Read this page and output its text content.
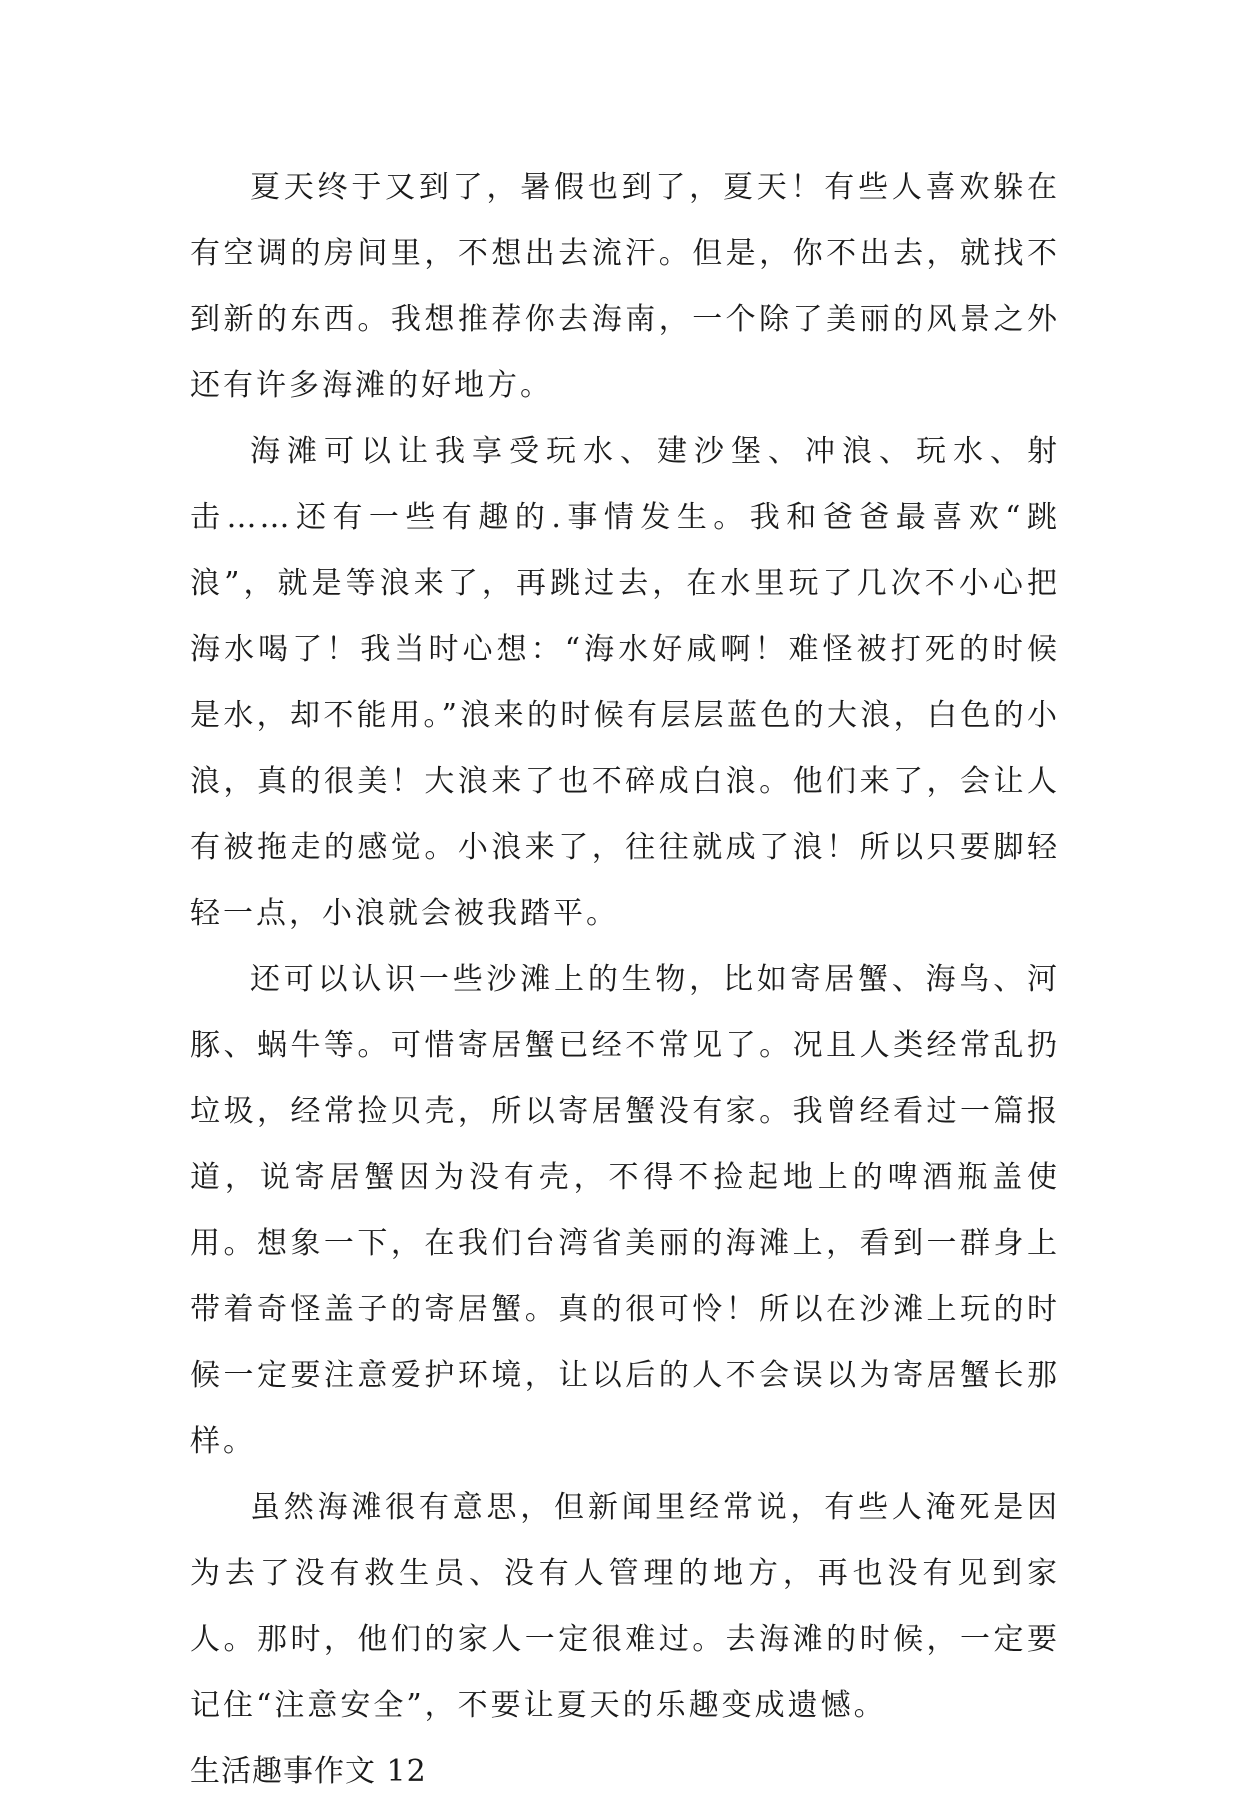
夏天终于又到了，暑假也到了，夏天！有些人喜欢躲在有空调的房间里，不想出去流汗。但是，你不出去，就找不到新的东西。我想推荐你去海南，一个除了美丽的风景之外还有许多海滩的好地方。

海滩可以让我享受玩水、建沙堡、冲浪、玩水、射击……还有一些有趣的.事情发生。我和爸爸最喜欢“跳浪”，就是等浪来了，再跳过去，在水里玩了几次不小心把海水喝了！我当时心想：“海水好咸啊！难怪被打死的时候是水，却不能用。”浪来的时候有层层蓝色的大浪，白色的小浪，真的很美！大浪来了也不碎成白浪。他们来了，会让人有被拖走的感觉。小浪来了，往往就成了浪！所以只要脚轻轻一点，小浪就会被我踏平。

还可以认识一些沙滩上的生物，比如寄居蟹、海鸟、河豚、蜗牛等。可惜寄居蟹已经不常见了。况且人类经常乱扔垃圾，经常捡贝壳，所以寄居蟹没有家。我曾经看过一篇报道，说寄居蟹因为没有壳，不得不捡起地上的啤酒瓶盖使用。想象一下，在我们台湾省美丽的海滩上，看到一群身上带着奇怪盖子的寄居蟹。真的很可怜！所以在沙滩上玩的时候一定要注意爱护环境，让以后的人不会误以为寄居蟹长那样。

虽然海滩很有意思，但新闻里经常说，有些人淹死是因为去了没有救生员、没有人管理的地方，再也没有见到家人。那时，他们的家人一定很难过。去海滩的时候，一定要记住“注意安全”，不要让夏天的乐趣变成遗憾。

生活趣事作文 12
